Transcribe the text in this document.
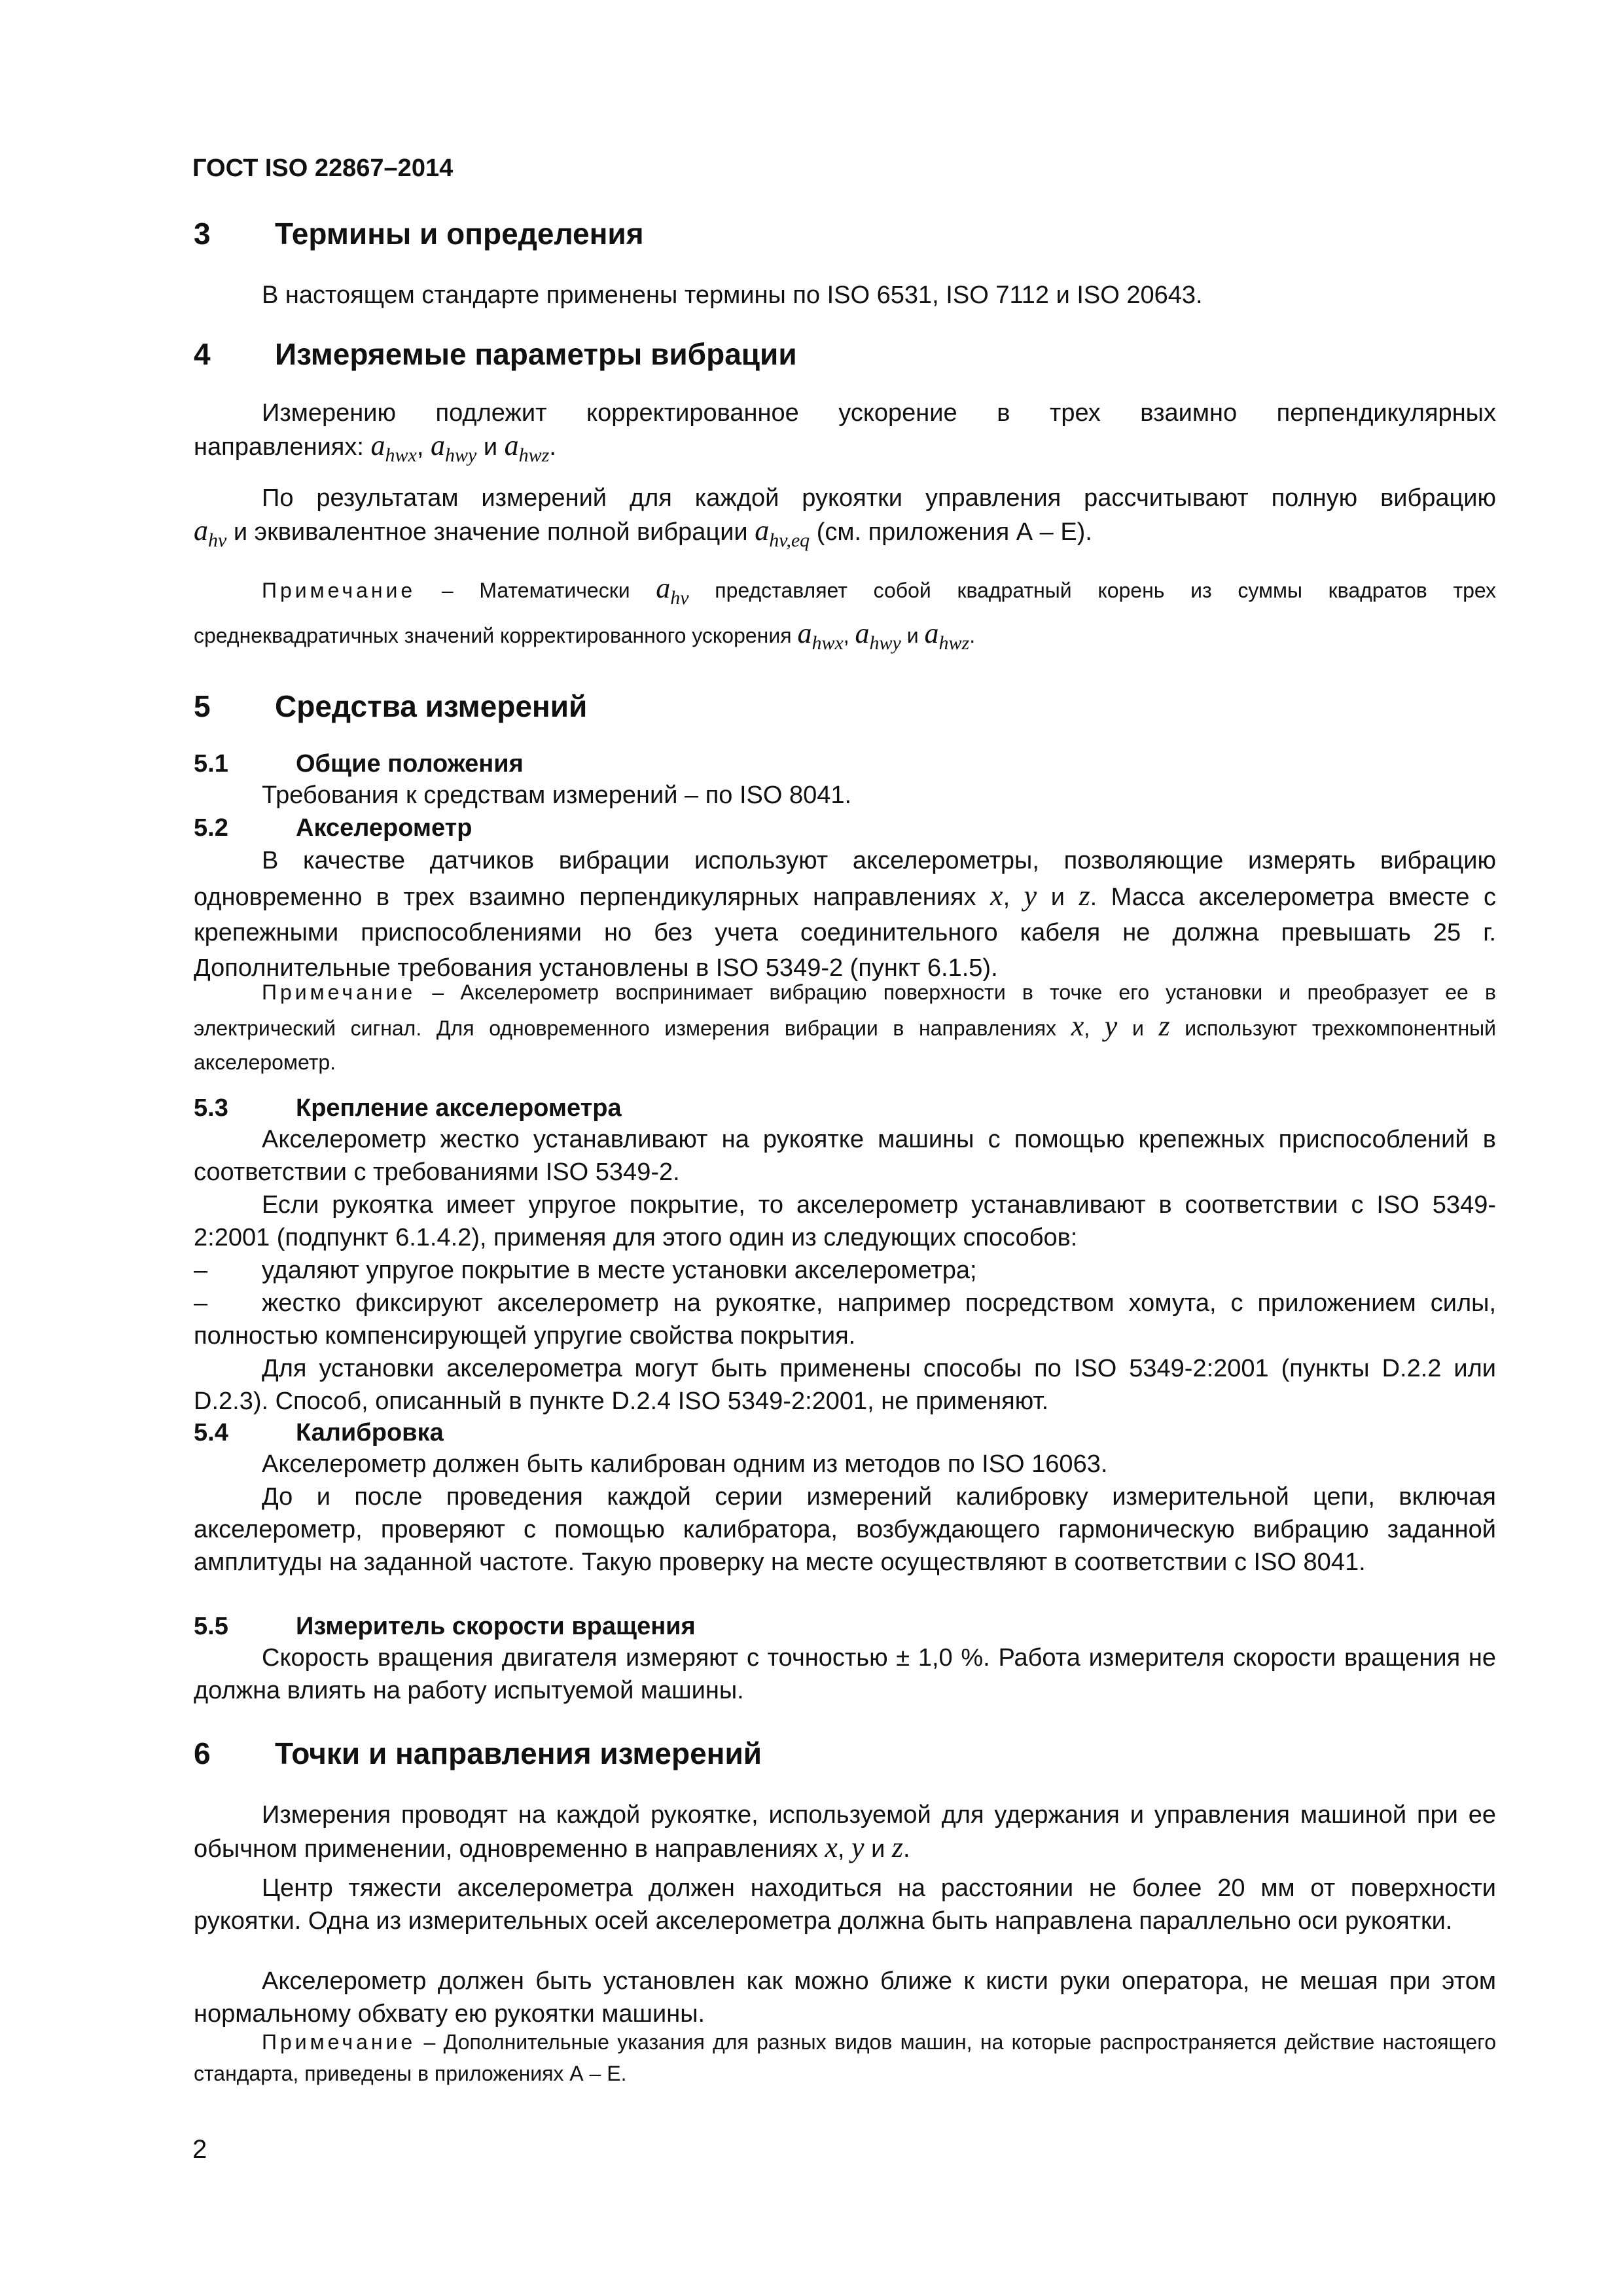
ГОСТ ISO 22867–2014
3 Термины и определения

В настоящем стандарте применены термины по ISO 6531, ISO 7112 и ISO 20643.

4 Измеряемые параметры вибрации

Измерению подлежит корректированное ускорение в трех взаимно перпендикулярных

направлениях: $a_{hwx}$, $a_{hwy}$ и $a_{hwz}$.

По результатам измерений для каждой рукоятки управления рассчитывают полную вибрацию

$a_{hv}$ и эквивалентное значение полной вибрации $a_{hv,eq}$ (см. приложения А – Е).

Примечание – Математически $a_{hv}$ представляет собой квадратный корень из суммы квадратов трех

среднеквадратичных значений корректированного ускорения $a_{hwx}$, $a_{hwy}$ и $a_{hwz}$.

5 Средства измерений
5.1	Общие положения

Требования к средствам измерений – по ISO 8041.

5.2	Акселерометр

В качестве датчиков вибрации используют акселерометры, позволяющие измерять вибрацию одновременно в трех взаимно перпендикулярных направлениях x, y и z. Масса акселерометра вместе с крепежными приспособлениями но без учета соединительного кабеля не должна превышать 25 г. Дополнительные требования установлены в ISO 5349-2 (пункт 6.1.5).

Примечание – Акселерометр воспринимает вибрацию поверхности в точке его установки и преобразует ее в электрический сигнал. Для одновременного измерения вибрации в направлениях x, y и z используют трехкомпонентный акселерометр.

5.3	Крепление акселерометра

Акселерометр жестко устанавливают на рукоятке машины с помощью крепежных приспособлений в соответствии с требованиями ISO 5349-2.

Если рукоятка имеет упругое покрытие, то акселерометр устанавливают в соответствии с ISO 5349-2:2001 (подпункт 6.1.4.2), применяя для этого один из следующих способов:

– удаляют упругое покрытие в месте установки акселерометра;

– жестко фиксируют акселерометр на рукоятке, например посредством хомута, с приложением силы, полностью компенсирующей упругие свойства покрытия.

Для установки акселерометра могут быть применены способы по ISO 5349-2:2001 (пункты D.2.2 или D.2.3). Способ, описанный в пункте D.2.4 ISO 5349-2:2001, не применяют.

5.4	Калибровка

Акселерометр должен быть калиброван одним из методов по ISO 16063.

До и после проведения каждой серии измерений калибровку измерительной цепи, включая акселерометр, проверяют с помощью калибратора, возбуждающего гармоническую вибрацию заданной амплитуды на заданной частоте. Такую проверку на месте осуществляют в соответствии с ISO 8041.

5.5	Измеритель скорости вращения

Скорость вращения двигателя измеряют с точностью ± 1,0 %. Работа измерителя скорости вращения не должна влиять на работу испытуемой машины.

6 Точки и направления измерений

Измерения проводят на каждой рукоятке, используемой для удержания и управления машиной при ее обычном применении, одновременно в направлениях x, y и z.

Центр тяжести акселерометра должен находиться на расстоянии не более 20 мм от поверхности рукоятки. Одна из измерительных осей акселерометра должна быть направлена параллельно оси рукоятки.

Акселерометр должен быть установлен как можно ближе к кисти руки оператора, не мешая при этом нормальному обхвату ею рукоятки машины.

Примечание – Дополнительные указания для разных видов машин, на которые распространяется действие настоящего стандарта, приведены в приложениях А – Е.

2
